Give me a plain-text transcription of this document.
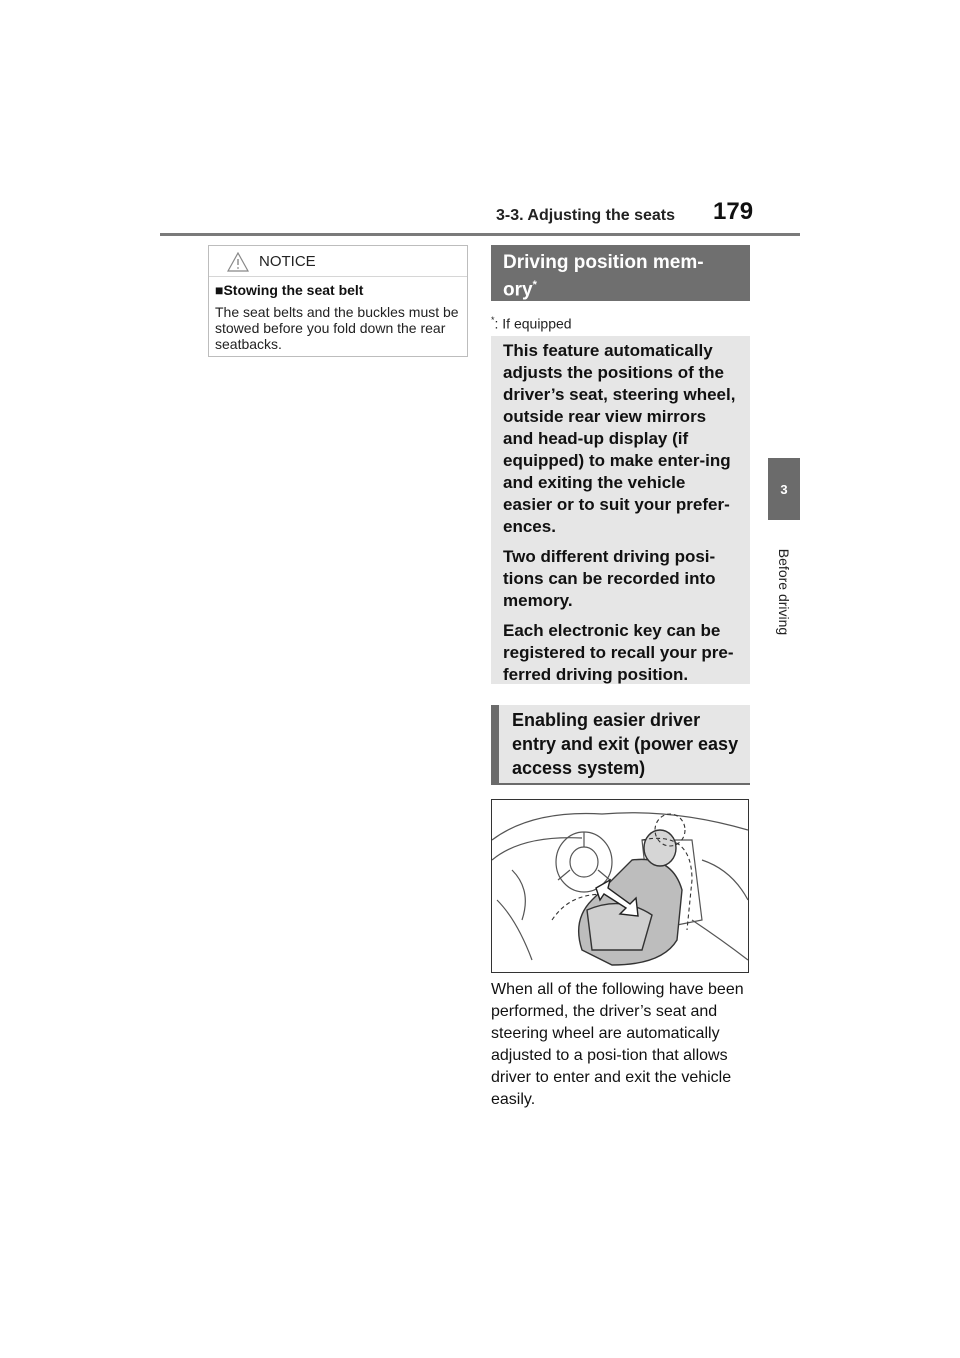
3-3. Adjusting the seats	179
3
Before driving
NOTICE
■Stowing the seat belt
The seat belts and the buckles must be stowed before you fold down the rear seatbacks.
Driving position mem-
ory*
*: If equipped

This feature automatically adjusts the positions of the driver’s seat, steering wheel, outside rear view mirrors and head-up display (if equipped) to make enter-ing and exiting the vehicle easier or to suit your prefer-ences.

Two different driving posi-tions can be recorded into memory.

Each electronic key can be registered to recall your pre-ferred driving position.

Enabling easier driver entry and exit (power easy access system)
When all of the following have been performed, the driver’s seat and steering wheel are automatically adjusted to a posi-tion that allows driver to enter and exit the vehicle easily.
